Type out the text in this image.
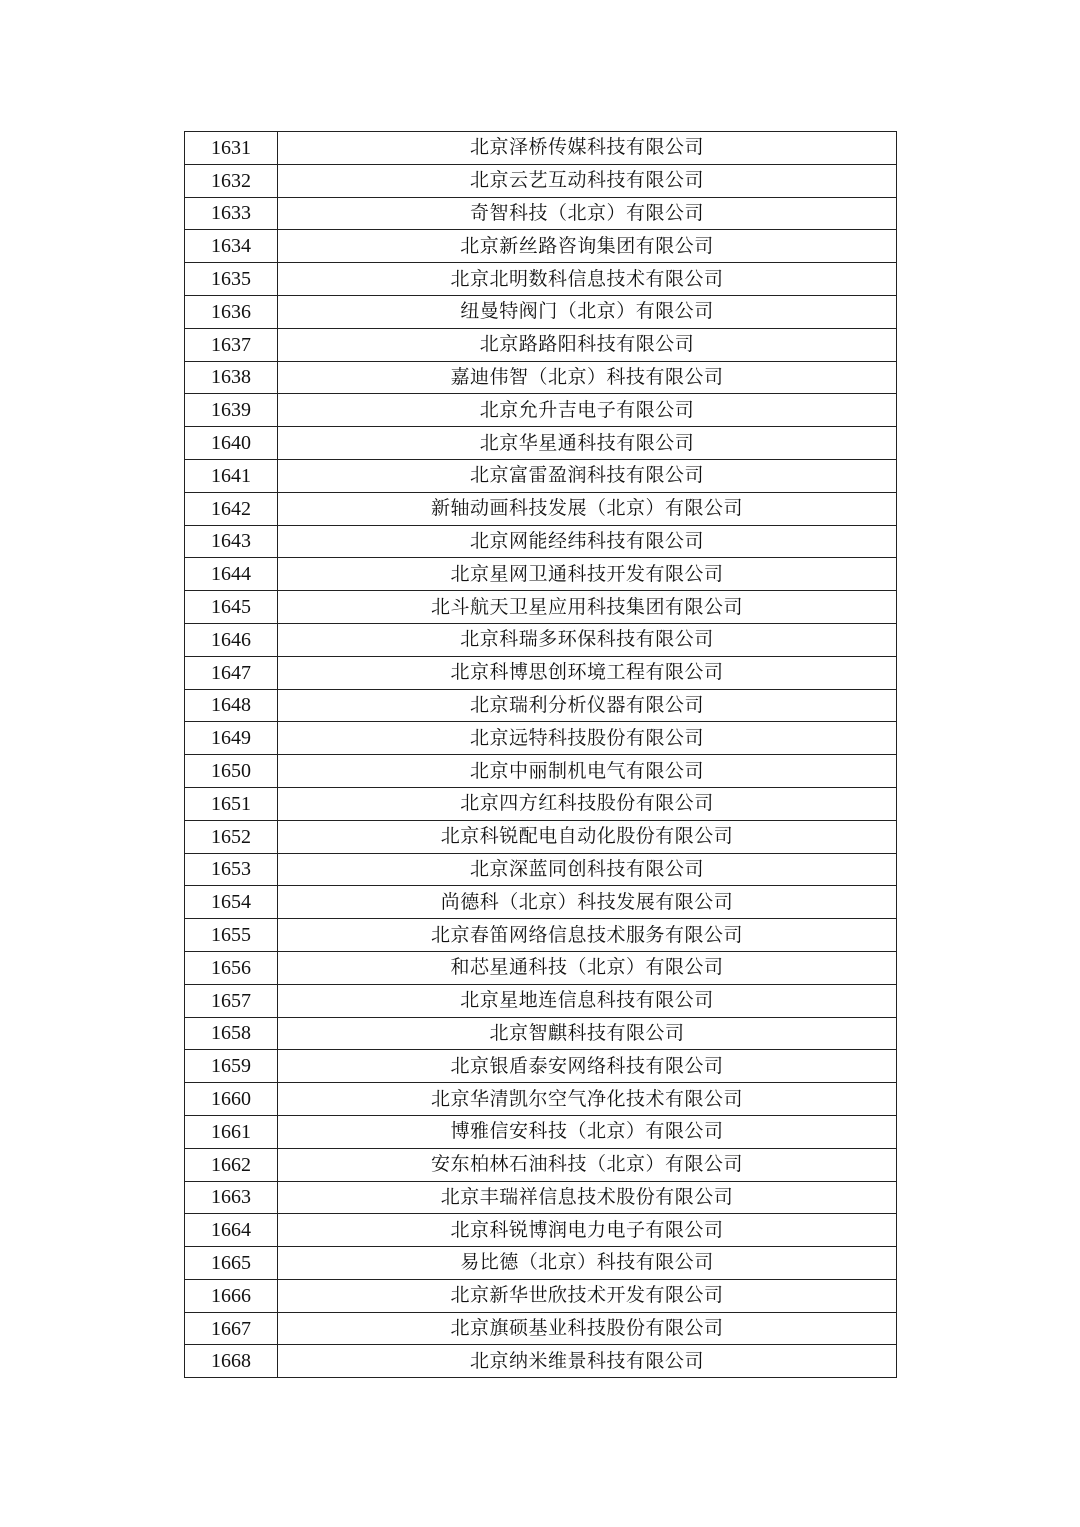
1631	北京泽桥传媒科技有限公司
1632	北京云艺互动科技有限公司
1633	奇智科技（北京）有限公司
1634	北京新丝路咨询集团有限公司
1635	北京北明数科信息技术有限公司
1636	纽曼特阀门（北京）有限公司
1637	北京路路阳科技有限公司
1638	嘉迪伟智（北京）科技有限公司
1639	北京允升吉电子有限公司
1640	北京华星通科技有限公司
1641	北京富雷盈润科技有限公司
1642	新轴动画科技发展（北京）有限公司
1643	北京网能经纬科技有限公司
1644	北京星网卫通科技开发有限公司
1645	北斗航天卫星应用科技集团有限公司
1646	北京科瑞多环保科技有限公司
1647	北京科博思创环境工程有限公司
1648	北京瑞利分析仪器有限公司
1649	北京远特科技股份有限公司
1650	北京中丽制机电气有限公司
1651	北京四方红科技股份有限公司
1652	北京科锐配电自动化股份有限公司
1653	北京深蓝同创科技有限公司
1654	尚德科（北京）科技发展有限公司
1655	北京春笛网络信息技术服务有限公司
1656	和芯星通科技（北京）有限公司
1657	北京星地连信息科技有限公司
1658	北京智麒科技有限公司
1659	北京银盾泰安网络科技有限公司
1660	北京华清凯尔空气净化技术有限公司
1661	博雅信安科技（北京）有限公司
1662	安东柏林石油科技（北京）有限公司
1663	北京丰瑞祥信息技术股份有限公司
1664	北京科锐博润电力电子有限公司
1665	易比德（北京）科技有限公司
1666	北京新华世欣技术开发有限公司
1667	北京旗硕基业科技股份有限公司
1668	北京纳米维景科技有限公司
